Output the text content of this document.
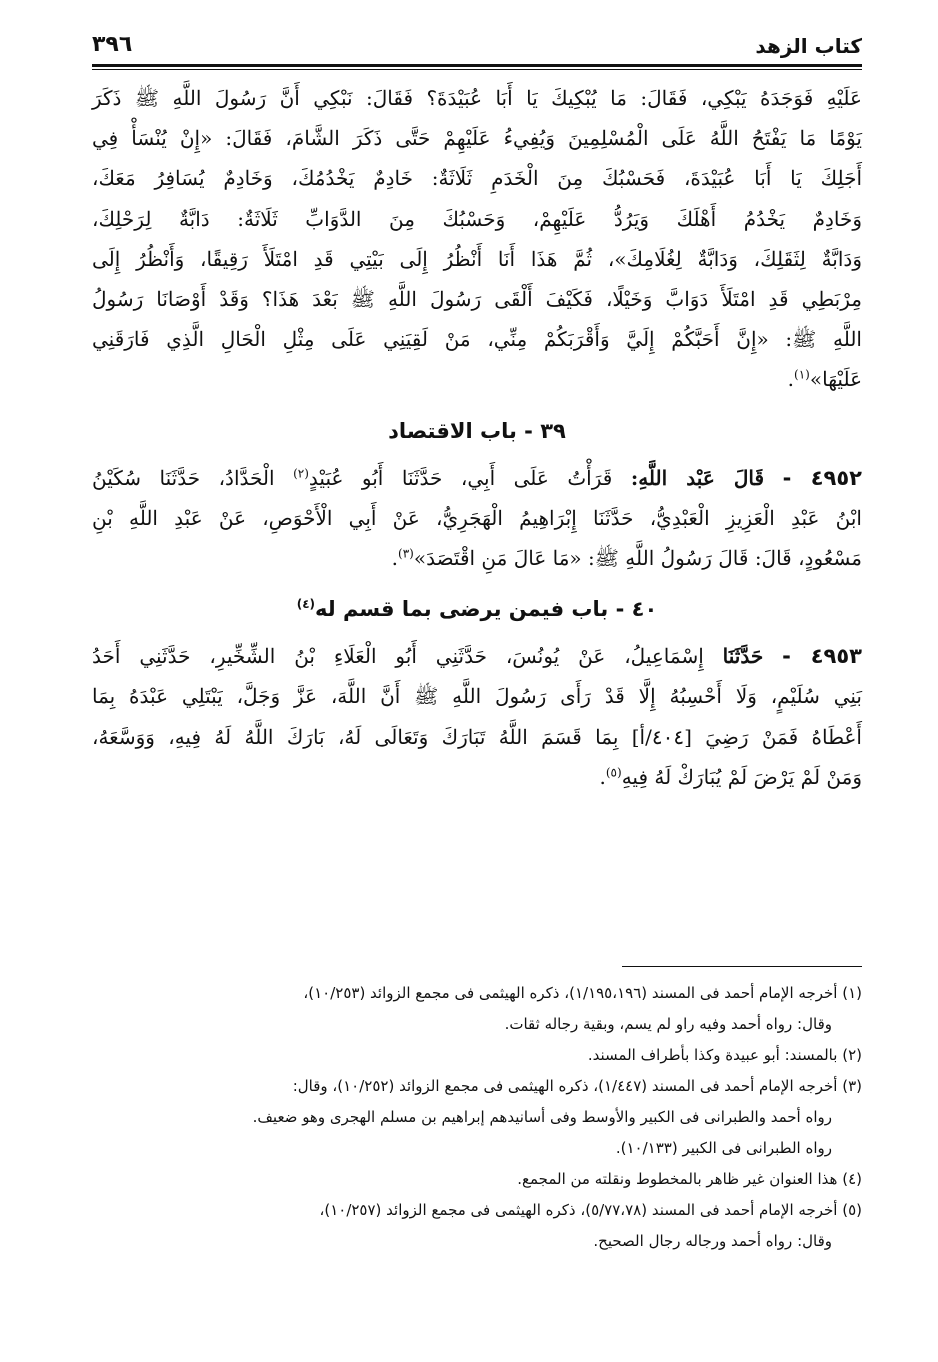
كتاب الزهد
٣٩٦

عَلَيْهِ فَوَجَدَهُ يَبْكِي، فَقَالَ: مَا يُبْكِيكَ يَا أَبَا عُبَيْدَةَ؟ فَقَالَ: نَبْكِي أَنَّ رَسُولَ اللَّهِ ﷺ ذَكَرَ

يَوْمًا مَا يَفْتَحُ اللَّهُ عَلَى الْمُسْلِمِينَ وَيُفِيءُ عَلَيْهِمْ حَتَّى ذَكَرَ الشَّامَ، فَقَالَ: «إِنْ يُنْسَأْ فِي

أَجَلِكَ يَا أَبَا عُبَيْدَةَ، فَحَسْبُكَ مِنَ الْخَدَمِ ثَلَاثَةٌ: خَادِمٌ يَخْدُمُكَ، وَخَادِمٌ يُسَافِرُ مَعَكَ،

وَخَادِمٌ يَخْدُمُ أَهْلَكَ وَيَرُدُّ عَلَيْهِمْ، وَحَسْبُكَ مِنَ الدَّوَابِّ ثَلَاثَةٌ: دَابَّةٌ لِرَحْلِكَ،

وَدَابَّةٌ لِثَقَلِكَ، وَدَابَّةٌ لِغُلَامِكَ»، ثُمَّ هَذَا أَنَا أَنْظُرُ إِلَى بَيْتِي قَدِ امْتَلَأَ رَقِيقًا، وَأَنْظُرُ إِلَى

مِرْبَطِي قَدِ امْتَلَأَ دَوَابَّ وَخَيْلًا، فَكَيْفَ أَلْقَى رَسُولَ اللَّهِ ﷺ بَعْدَ هَذَا؟ وَقَدْ أَوْصَانَا رَسُولُ

اللَّهِ ﷺ: «إِنَّ أَحَبَّكُمْ إِلَيَّ وَأَقْرَبَكُمْ مِنِّي، مَنْ لَقِيَنِي عَلَى مِثْلِ الْحَالِ الَّذِي فَارَقَنِي

عَلَيْهَا»$^{(١)}$.

٣٩ - باب الاقتصاد

٤٩٥٢ - قَالَ عَبْد اللَّهِ: قَرَأْتُ عَلَى أَبِي، حَدَّثَنَا أَبُو عُبَيْدٍ$^{(٢)}$ الْحَدَّادُ، حَدَّثَنَا سُكَيْنُ

ابْنُ عَبْدِ الْعَزِيزِ الْعَبْدِيُّ، حَدَّثَنَا إِبْرَاهِيمُ الْهَجَرِيُّ، عَنْ أَبِي الْأَحْوَصِ، عَنْ عَبْدِ اللَّهِ بْنِ

مَسْعُودٍ، قَالَ: قَالَ رَسُولُ اللَّهِ ﷺ: «مَا عَالَ مَنِ اقْتَصَدَ»$^{(٣)}$.

٤٠ - باب فيمن يرضى بما قسم له$^{(٤)}$

٤٩٥٣ - حَدَّثَنَا إِسْمَاعِيلُ، عَنْ يُونُسَ، حَدَّثَنِي أَبُو الْعَلَاءِ بْنُ الشِّخِّيرِ، حَدَّثَنِي أَحَدُ

بَنِي سُلَيْمٍ، وَلَا أَحْسِبُهُ إِلَّا قَدْ رَأَى رَسُولَ اللَّهِ ﷺ أَنَّ اللَّهَ، عَزَّ وَجَلَّ، يَبْتَلِي عَبْدَهُ بِمَا

أَعْطَاهُ فَمَنْ رَضِيَ [٤٠٤/أ] بِمَا قَسَمَ اللَّهُ تَبَارَكَ وَتَعَالَى لَهُ، بَارَكَ اللَّهُ لَهُ فِيهِ، وَوَسَّعَهُ،

وَمَنْ لَمْ يَرْضَ لَمْ يُبَارَكْ لَهُ فِيهِ$^{(٥)}$.

(١) أخرجه الإمام أحمد فى المسند (١/١٩٥،١٩٦)، ذكره الهيثمى فى مجمع الزوائد (١٠/٢٥٣)،
وقال: رواه أحمد وفيه راو لم يسم، وبقية رجاله ثقات.

(٢) بالمسند: أبو عبيدة وكذا بأطراف المسند.

(٣) أخرجه الإمام أحمد فى المسند (١/٤٤٧)، ذكره الهيثمى فى مجمع الزوائد (١٠/٢٥٢)، وقال:
رواه أحمد والطبرانى فى الكبير والأوسط وفى أسانيدهم إبراهيم بن مسلم الهجرى وهو ضعيف.
رواه الطبرانى فى الكبير (١٠/١٣٣).

(٤) هذا العنوان غير ظاهر بالمخطوط ونقلته من المجمع.

(٥) أخرجه الإمام أحمد فى المسند (٥/٧٧،٧٨)، ذكره الهيثمى فى مجمع الزوائد (١٠/٢٥٧)،
وقال: رواه أحمد ورجاله رجال الصحيح.
